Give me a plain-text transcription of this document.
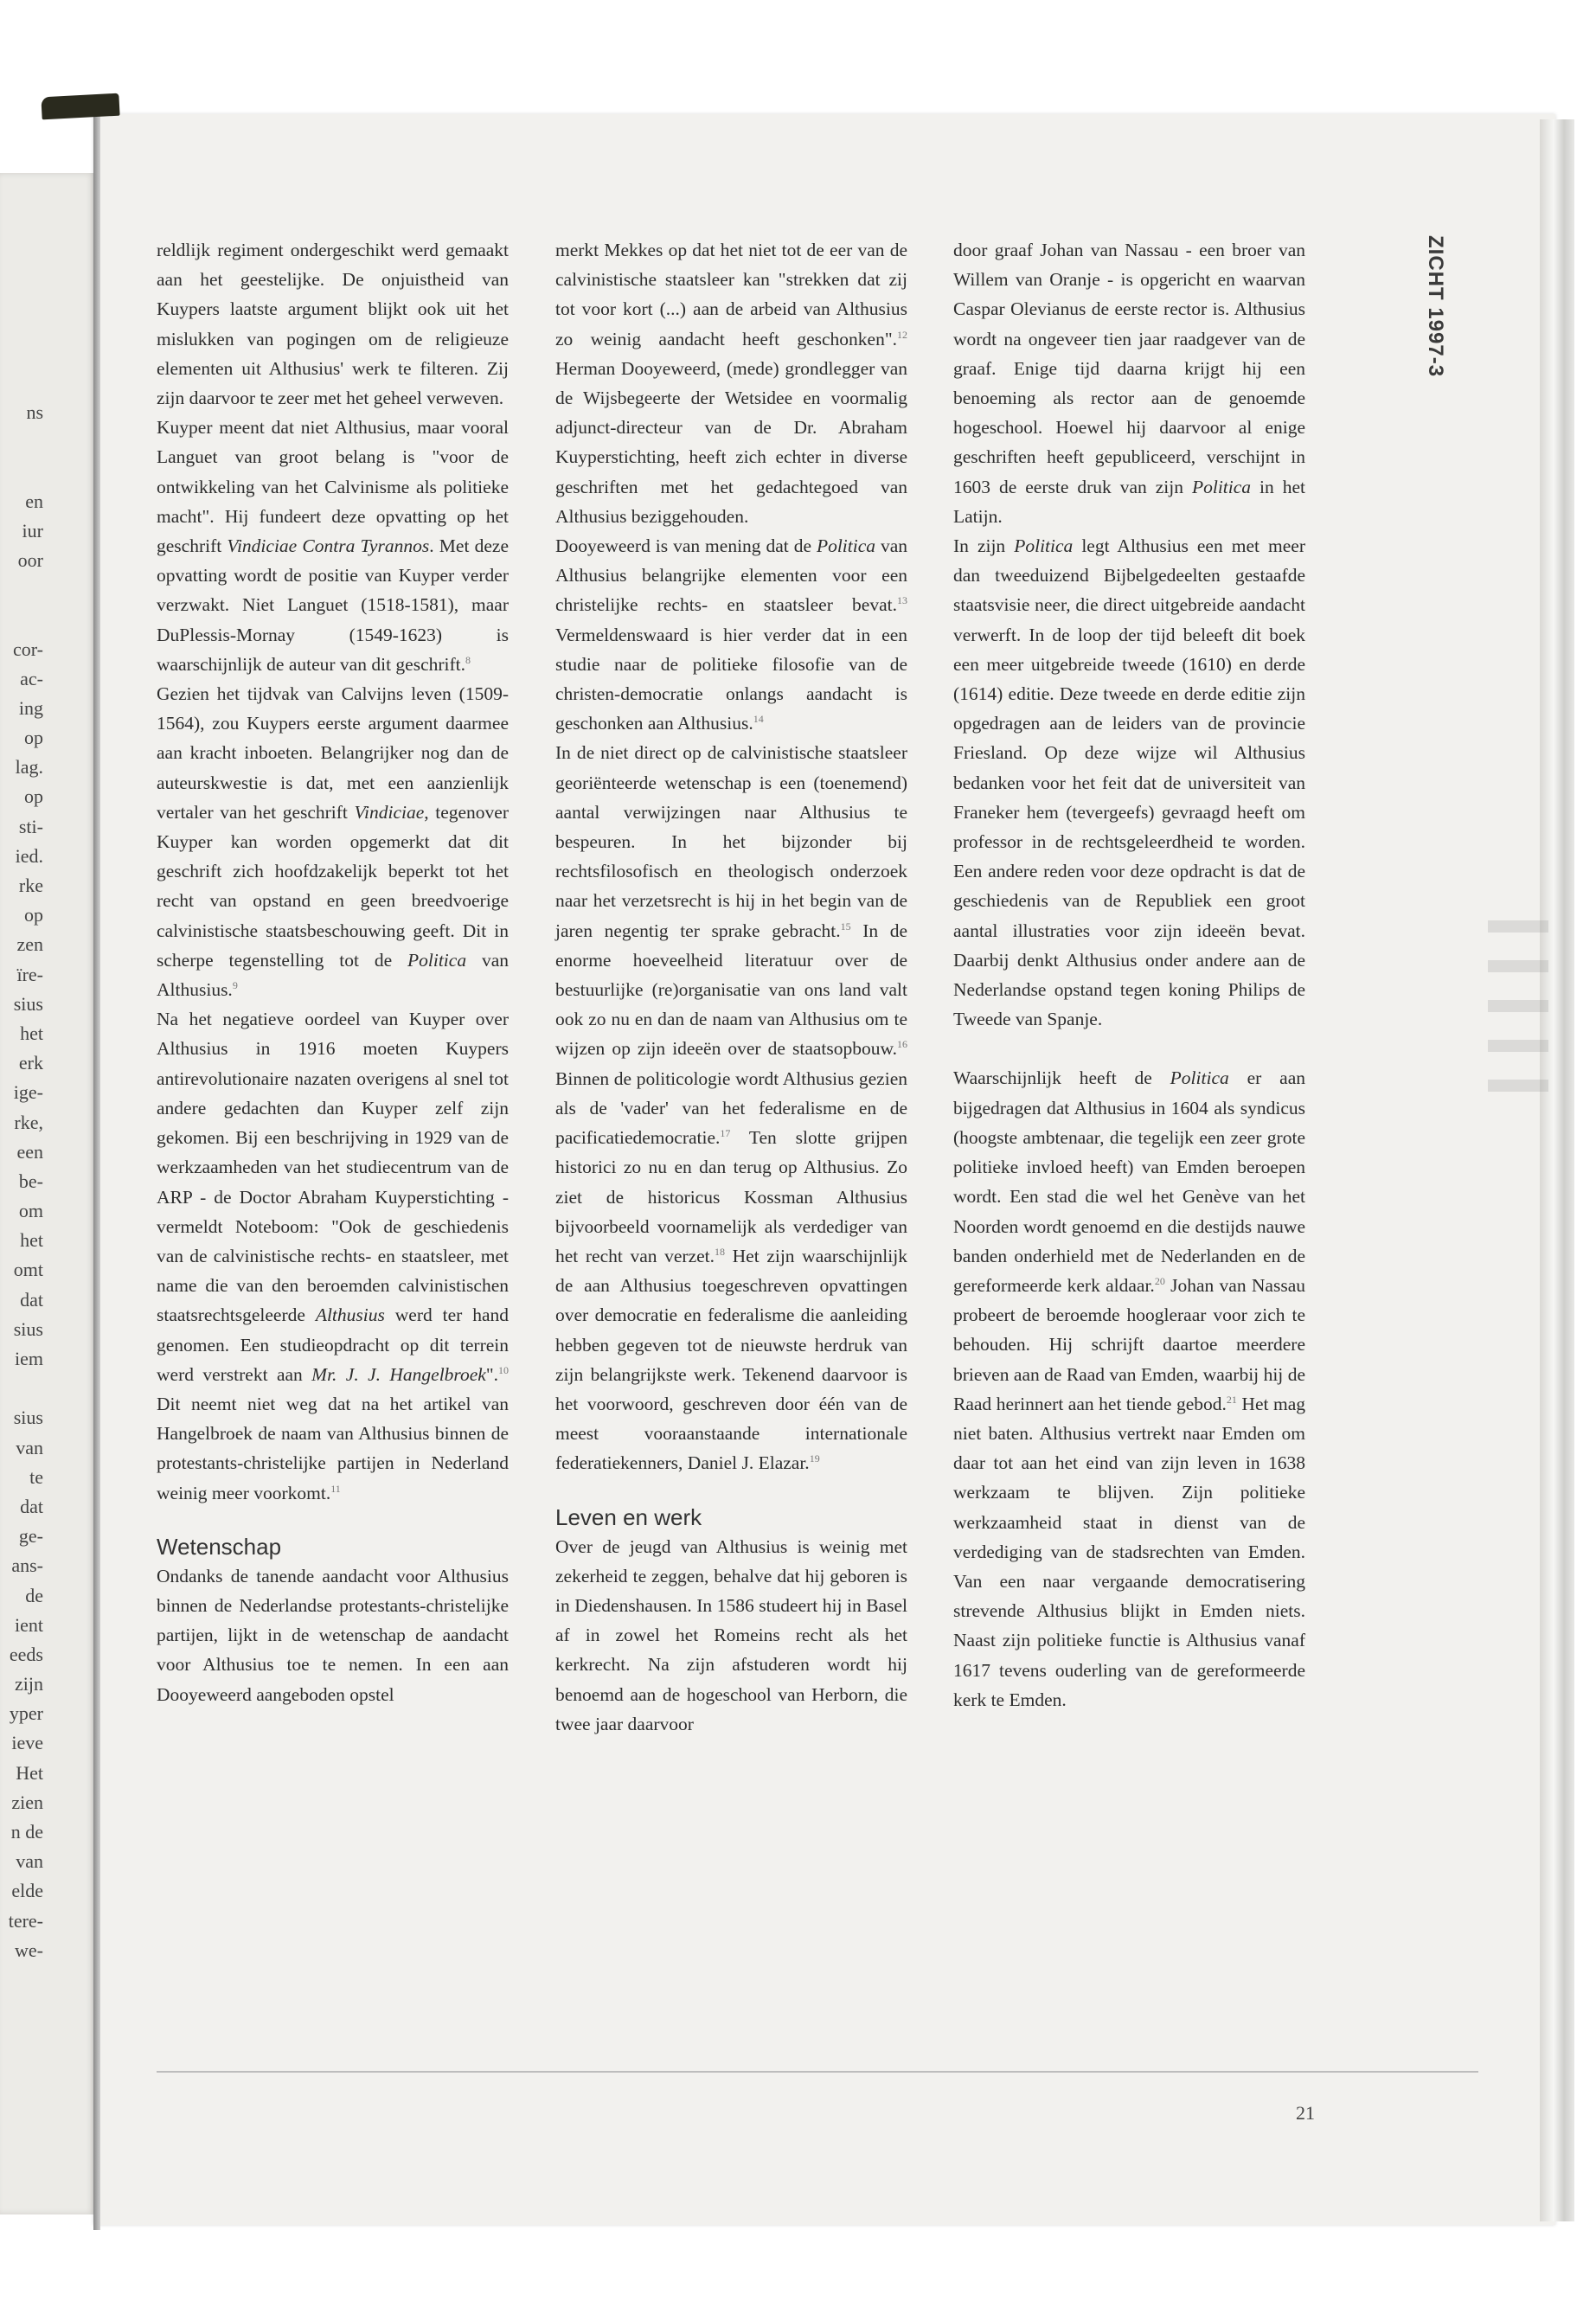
ns
en
iur
oor
cor-
ac-
ing
op
lag.
op
sti-
ied.
rke
op
zen
ïre-
sius
het
erk
ige-
rke,
een
be-
om
het
omt
dat
sius
iem
sius
van
te
dat
ge-
ans-
de
ient
eeds
zijn
yper
ieve
Het
zien
n de
van
elde
tere-
we-
ZICHT 1997-3

reldlijk regiment ondergeschikt werd gemaakt aan het geestelijke. De onjuistheid van Kuypers laatste argument blijkt ook uit het mislukken van pogingen om de religieuze elementen uit Althusius' werk te filteren. Zij zijn daarvoor te zeer met het geheel verweven.

Kuyper meent dat niet Althusius, maar vooral Languet van groot belang is "voor de ontwikkeling van het Calvinisme als politieke macht". Hij fundeert deze opvatting op het geschrift Vindiciae Contra Tyrannos. Met deze opvatting wordt de positie van Kuyper verder verzwakt. Niet Languet (1518-1581), maar DuPlessis-Mornay (1549-1623) is waarschijnlijk de auteur van dit geschrift.$^8$

Gezien het tijdvak van Calvijns leven (1509-1564), zou Kuypers eerste argument daarmee aan kracht inboeten. Belangrijker nog dan de auteurskwestie is dat, met een aanzienlijk vertaler van het geschrift Vindiciae, tegenover Kuyper kan worden opgemerkt dat dit geschrift zich hoofdzakelijk beperkt tot het recht van opstand en geen breedvoerige calvinistische staatsbeschouwing geeft. Dit in scherpe tegenstelling tot de Politica van Althusius.$^9$

Na het negatieve oordeel van Kuyper over Althusius in 1916 moeten Kuypers antirevolutionaire nazaten overigens al snel tot andere gedachten dan Kuyper zelf zijn gekomen. Bij een beschrijving in 1929 van de werkzaamheden van het studiecentrum van de ARP - de Doctor Abraham Kuyperstichting - vermeldt Noteboom: "Ook de geschiedenis van de calvinistische rechts- en staatsleer, met name die van den beroemden calvinistischen staatsrechtsgeleerde Althusius werd ter hand genomen. Een studieopdracht op dit terrein werd verstrekt aan Mr. J. J. Hangelbroek".$^{10}$ Dit neemt niet weg dat na het artikel van Hangelbroek de naam van Althusius binnen de protestants-christelijke partijen in Nederland weinig meer voorkomt.$^{11}$

Wetenschap

Ondanks de tanende aandacht voor Althusius binnen de Nederlandse protestants-christelijke partijen, lijkt in de wetenschap de aandacht voor Althusius toe te nemen. In een aan Dooyeweerd aangeboden opstel

merkt Mekkes op dat het niet tot de eer van de calvinistische staatsleer kan "strekken dat zij tot voor kort (...) aan de arbeid van Althusius zo weinig aandacht heeft geschonken".$^{12}$ Herman Dooyeweerd, (mede) grondlegger van de Wijsbegeerte der Wetsidee en voormalig adjunct-directeur van de Dr. Abraham Kuyperstichting, heeft zich echter in diverse geschriften met het gedachtegoed van Althusius beziggehouden.

Dooyeweerd is van mening dat de Politica van Althusius belangrijke elementen voor een christelijke rechts- en staatsleer bevat.$^{13}$ Vermeldenswaard is hier verder dat in een studie naar de politieke filosofie van de christen-democratie onlangs aandacht is geschonken aan Althusius.$^{14}$

In de niet direct op de calvinistische staatsleer georiënteerde wetenschap is een (toenemend) aantal verwijzingen naar Althusius te bespeuren. In het bijzonder bij rechtsfilosofisch en theologisch onderzoek naar het verzetsrecht is hij in het begin van de jaren negentig ter sprake gebracht.$^{15}$ In de enorme hoeveelheid literatuur over de bestuurlijke (re)organisatie van ons land valt ook zo nu en dan de naam van Althusius om te wijzen op zijn ideeën over de staatsopbouw.$^{16}$ Binnen de politicologie wordt Althusius gezien als de 'vader' van het federalisme en de pacificatiedemocratie.$^{17}$ Ten slotte grijpen historici zo nu en dan terug op Althusius. Zo ziet de historicus Kossman Althusius bijvoorbeeld voornamelijk als verdediger van het recht van verzet.$^{18}$ Het zijn waarschijnlijk de aan Althusius toegeschreven opvattingen over democratie en federalisme die aanleiding hebben gegeven tot de nieuwste herdruk van zijn belangrijkste werk. Tekenend daarvoor is het voorwoord, geschreven door één van de meest vooraanstaande internationale federatiekenners, Daniel J. Elazar.$^{19}$

Leven en werk

Over de jeugd van Althusius is weinig met zekerheid te zeggen, behalve dat hij geboren is in Diedenshausen. In 1586 studeert hij in Basel af in zowel het Romeins recht als het kerkrecht. Na zijn afstuderen wordt hij benoemd aan de hogeschool van Herborn, die twee jaar daarvoor

door graaf Johan van Nassau - een broer van Willem van Oranje - is opgericht en waarvan Caspar Olevianus de eerste rector is. Althusius wordt na ongeveer tien jaar raadgever van de graaf. Enige tijd daarna krijgt hij een benoeming als rector aan de genoemde hogeschool. Hoewel hij daarvoor al enige geschriften heeft gepubliceerd, verschijnt in 1603 de eerste druk van zijn Politica in het Latijn.

In zijn Politica legt Althusius een met meer dan tweeduizend Bijbelgedeelten gestaafde staatsvisie neer, die direct uitgebreide aandacht verwerft. In de loop der tijd beleeft dit boek een meer uitgebreide tweede (1610) en derde (1614) editie. Deze tweede en derde editie zijn opgedragen aan de leiders van de provincie Friesland. Op deze wijze wil Althusius bedanken voor het feit dat de universiteit van Franeker hem (tevergeefs) gevraagd heeft om professor in de rechtsgeleerdheid te worden. Een andere reden voor deze opdracht is dat de geschiedenis van de Republiek een groot aantal illustraties voor zijn ideeën bevat. Daarbij denkt Althusius onder andere aan de Nederlandse opstand tegen koning Philips de Tweede van Spanje.

Waarschijnlijk heeft de Politica er aan bijgedragen dat Althusius in 1604 als syndicus (hoogste ambtenaar, die tegelijk een zeer grote politieke invloed heeft) van Emden beroepen wordt. Een stad die wel het Genève van het Noorden wordt genoemd en die destijds nauwe banden onderhield met de Nederlanden en de gereformeerde kerk aldaar.$^{20}$ Johan van Nassau probeert de beroemde hoogleraar voor zich te behouden. Hij schrijft daartoe meerdere brieven aan de Raad van Emden, waarbij hij de Raad herinnert aan het tiende gebod.$^{21}$ Het mag niet baten. Althusius vertrekt naar Emden om daar tot aan het eind van zijn leven in 1638 werkzaam te blijven. Zijn politieke werkzaamheid staat in dienst van de verdediging van de stadsrechten van Emden. Van een naar vergaande democratisering strevende Althusius blijkt in Emden niets. Naast zijn politieke functie is Althusius vanaf 1617 tevens ouderling van de gereformeerde kerk te Emden.

21
